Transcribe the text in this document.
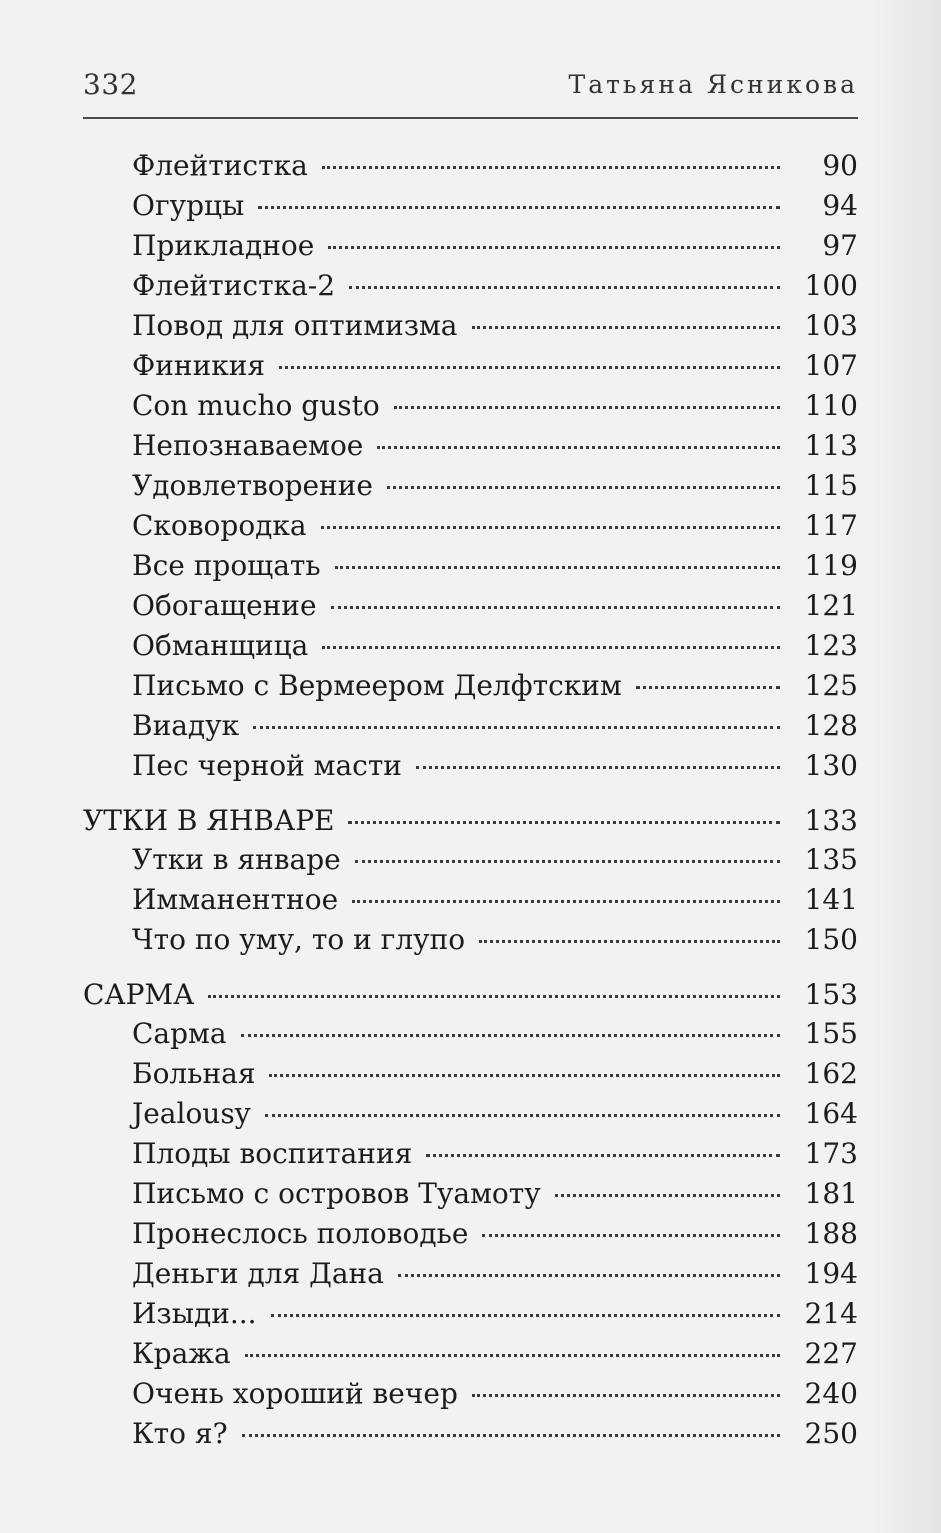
332	Татьяна Ясникова
Флейтистка	90
Огурцы	94
Прикладное	97
Флейтистка-2	100
Повод для оптимизма	103
Финикия	107
Con mucho gusto	110
Непознаваемое	113
Удовлетворение	115
Сковородка	117
Все прощать	119
Обогащение	121
Обманщица	123
Письмо с Вермеером Делфтским	125
Виадук	128
Пес черной масти	130
УТКИ В ЯНВАРЕ	133
Утки в январе	135
Имманентное	141
Что по уму, то и глупо	150
САРМА	153
Сарма	155
Больная	162
Jealousy	164
Плоды воспитания	173
Письмо с островов Туамоту	181
Пронеслось половодье	188
Деньги для Дана	194
Изыди...	214
Кража	227
Очень хороший вечер	240
Кто я?	250
